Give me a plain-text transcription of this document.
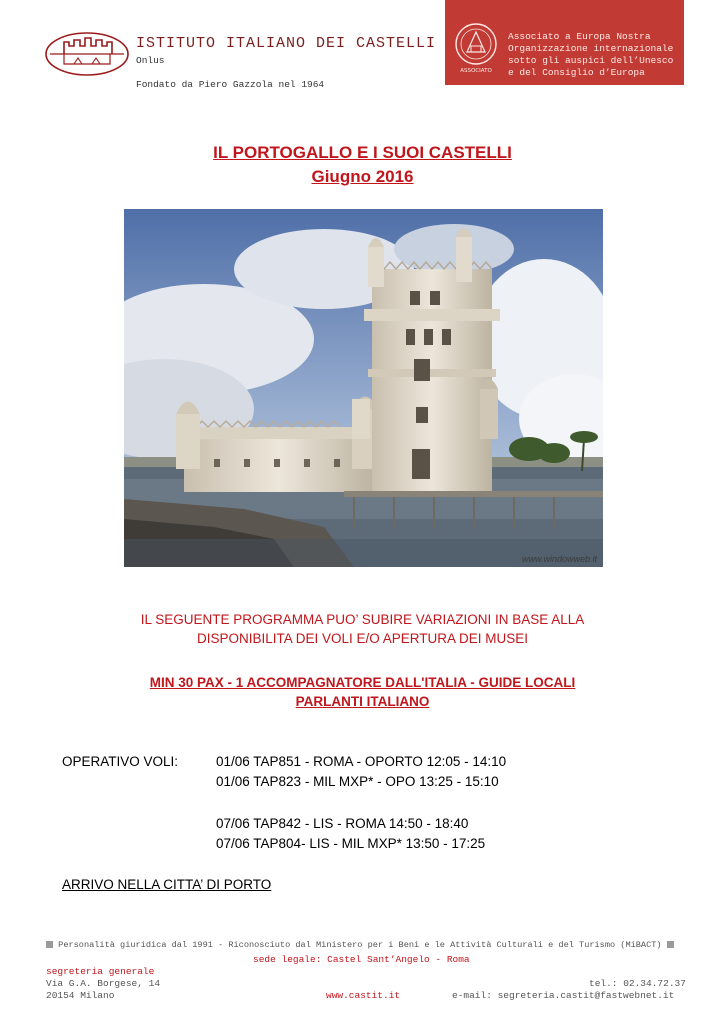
ISTITUTO ITALIANO DEI CASTELLI
Onlus
Fondato da Piero Gazzola nel 1964
ASSOCIATO
Associato a Europa Nostra
Organizzazione internazionale
sotto gli auspici dell’Unesco
e del Consiglio d’Europa
IL PORTOGALLO E I SUOI CASTELLI
Giugno 2016
www.windowweb.it
IL SEGUENTE PROGRAMMA PUO’ SUBIRE VARIAZIONI IN BASE ALLA
DISPONIBILITA DEI VOLI E/O APERTURA DEI MUSEI
MIN 30 PAX - 1 ACCOMPAGNATORE DALL'ITALIA - GUIDE LOCALI
PARLANTI ITALIANO
OPERATIVO VOLI:	01/06 TAP851 - ROMA - OPORTO 12:05 - 14:10
01/06 TAP823 - MIL MXP* - OPO 13:25 - 15:10
07/06 TAP842 - LIS - ROMA 14:50 - 18:40
07/06 TAP804- LIS - MIL MXP* 13:50 - 17:25
ARRIVO NELLA CITTA’ DI PORTO
Personalità giuridica dal 1991 - Riconosciuto dal Ministero per i Beni e le Attività Culturali e del Turismo (MiBACT)
sede legale: Castel Sant’Angelo - Roma
segreteria generale
Via G.A. Borgese, 14
20154 Milano	www.castit.it
tel.: 02.34.72.37
e-mail: segreteria.castit@fastwebnet.it
